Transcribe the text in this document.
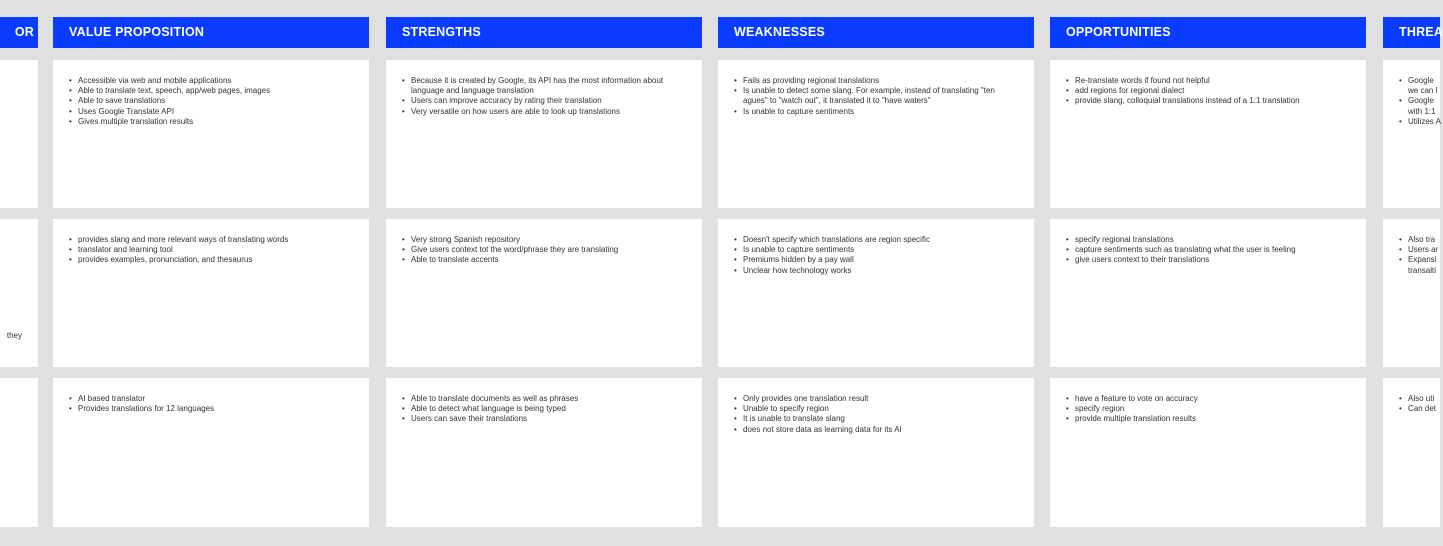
OR
they
VALUE PROPOSITION
• Accessible via web and mobile applications
• Able to translate text, speech, app/web pages, images
• Able to save translations
• Uses Google Translate API
• Gives multiple translation results
• provides slang and more relevant ways of translating words
• translator and learning tool
• provides examples, pronunciation, and thesaurus
• AI based translator
• Provides translations for 12 languages
STRENGTHS
• Because it is created by Google, its API has the most information about language and language translation
• Users can improve accuracy by rating their translation
• Very versatile on how users are able to look up translations
• Very strong Spanish repository
• Give users context tot the word/phrase they are translating
• Able to translate accents
• Able to translate documents as well as phrases
• Able to detect what language is being typed
• Users can save their translations
WEAKNESSES
• Fails as providing regional translations
• Is unable to detect some slang. For example, instead of translating "ten agues" to "watch out", it translated it to "have waters"
• Is unable to capture sentiments
• Doesn't specify which translations are region specific
• Is unable to capture sentiments
• Premiums hidden by a pay wall
• Unclear how technology works
• Only provides one translation result
• Unable to specify region
• It is unable to translate slang
• does not store data as learning data for its AI
OPPORTUNITIES
• Re-translate words if found not helpful
• add regions for regional dialect
• provide slang, colloquial translations instead of a 1:1 translation
• specify regional translations
• capture sentiments such as translating what the user is feeling
• give users context to their translations
• have a feature to vote on accuracy
• specify region
• provide multiple translation results
THREA
• Google
we can l
• Google
with 1:1
• Utilizes A
• Also tra
• Users ar
• Expansi
transalti
• Also uti
• Can det
